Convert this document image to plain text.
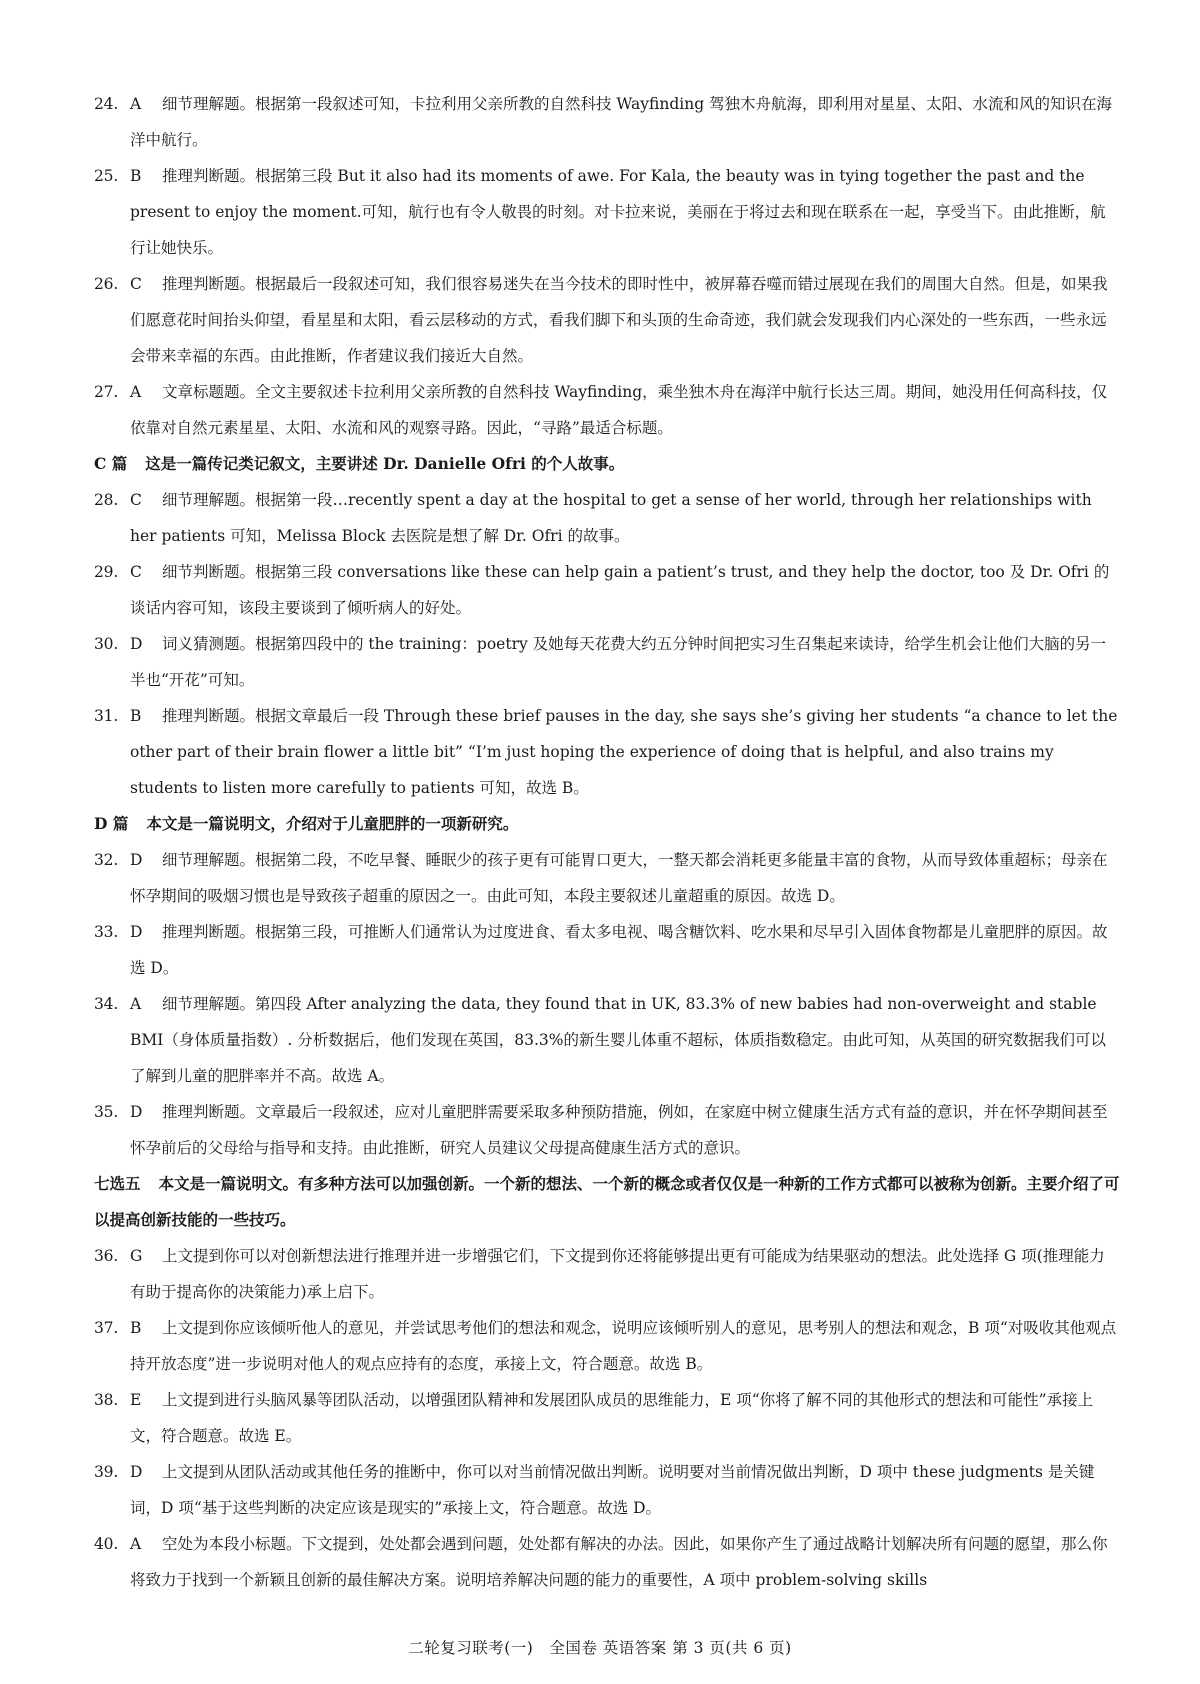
24. A 细节理解题。根据第一段叙述可知，卡拉利用父亲所教的自然科技 Wayfinding 驾独木舟航海，即利用对星星、太阳、水流和风的知识在海洋中航行。

25. B 推理判断题。根据第三段 But it also had its moments of awe. For Kala, the beauty was in tying together the past and the present to enjoy the moment.可知，航行也有令人敬畏的时刻。对卡拉来说，美丽在于将过去和现在联系在一起，享受当下。由此推断，航行让她快乐。

26. C 推理判断题。根据最后一段叙述可知，我们很容易迷失在当今技术的即时性中，被屏幕吞噬而错过展现在我们的周围大自然。但是，如果我们愿意花时间抬头仰望，看星星和太阳，看云层移动的方式，看我们脚下和头顶的生命奇迹，我们就会发现我们内心深处的一些东西，一些永远会带来幸福的东西。由此推断，作者建议我们接近大自然。

27. A 文章标题题。全文主要叙述卡拉利用父亲所教的自然科技 Wayfinding，乘坐独木舟在海洋中航行长达三周。期间，她没用任何高科技，仅依靠对自然元素星星、太阳、水流和风的观察寻路。因此，“寻路”最适合标题。

C 篇 这是一篇传记类记叙文，主要讲述 Dr. Danielle Ofri 的个人故事。

28. C 细节理解题。根据第一段…recently spent a day at the hospital to get a sense of her world, through her relationships with her patients 可知，Melissa Block 去医院是想了解 Dr. Ofri 的故事。

29. C 细节判断题。根据第三段 conversations like these can help gain a patient’s trust, and they help the doctor, too 及 Dr. Ofri 的谈话内容可知，该段主要谈到了倾听病人的好处。

30. D 词义猜测题。根据第四段中的 the training：poetry 及她每天花费大约五分钟时间把实习生召集起来读诗，给学生机会让他们大脑的另一半也“开花”可知。

31. B 推理判断题。根据文章最后一段 Through these brief pauses in the day, she says she’s giving her students “a chance to let the other part of their brain flower a little bit” “I’m just hoping the experience of doing that is helpful, and also trains my students to listen more carefully to patients 可知，故选 B。

D 篇 本文是一篇说明文，介绍对于儿童肥胖的一项新研究。

32. D 细节理解题。根据第二段，不吃早餐、睡眠少的孩子更有可能胃口更大，一整天都会消耗更多能量丰富的食物，从而导致体重超标；母亲在怀孕期间的吸烟习惯也是导致孩子超重的原因之一。由此可知，本段主要叙述儿童超重的原因。故选 D。

33. D 推理判断题。根据第三段，可推断人们通常认为过度进食、看太多电视、喝含糖饮料、吃水果和尽早引入固体食物都是儿童肥胖的原因。故选 D。

34. A 细节理解题。第四段 After analyzing the data, they found that in UK, 83.3% of new babies had non-overweight and stable BMI（身体质量指数）. 分析数据后，他们发现在英国，83.3%的新生婴儿体重不超标，体质指数稳定。由此可知，从英国的研究数据我们可以了解到儿童的肥胖率并不高。故选 A。

35. D 推理判断题。文章最后一段叙述，应对儿童肥胖需要采取多种预防措施，例如，在家庭中树立健康生活方式有益的意识，并在怀孕期间甚至怀孕前后的父母给与指导和支持。由此推断，研究人员建议父母提高健康生活方式的意识。

七选五 本文是一篇说明文。有多种方法可以加强创新。一个新的想法、一个新的概念或者仅仅是一种新的工作方式都可以被称为创新。主要介绍了可以提高创新技能的一些技巧。

36. G 上文提到你可以对创新想法进行推理并进一步增强它们，下文提到你还将能够提出更有可能成为结果驱动的想法。此处选择 G 项(推理能力有助于提高你的决策能力)承上启下。

37. B 上文提到你应该倾听他人的意见，并尝试思考他们的想法和观念，说明应该倾听别人的意见，思考别人的想法和观念，B 项“对吸收其他观点持开放态度”进一步说明对他人的观点应持有的态度，承接上文，符合题意。故选 B。

38. E 上文提到进行头脑风暴等团队活动，以增强团队精神和发展团队成员的思维能力，E 项“你将了解不同的其他形式的想法和可能性”承接上文，符合题意。故选 E。

39. D 上文提到从团队活动或其他任务的推断中，你可以对当前情况做出判断。说明要对当前情况做出判断，D 项中 these judgments 是关键词，D 项“基于这些判断的决定应该是现实的”承接上文，符合题意。故选 D。

40. A 空处为本段小标题。下文提到，处处都会遇到问题，处处都有解决的办法。因此，如果你产生了通过战略计划解决所有问题的愿望，那么你将致力于找到一个新颖且创新的最佳解决方案。说明培养解决问题的能力的重要性，A 项中 problem-solving skills

二轮复习联考(一)　全国卷 英语答案 第 3 页(共 6 页)
